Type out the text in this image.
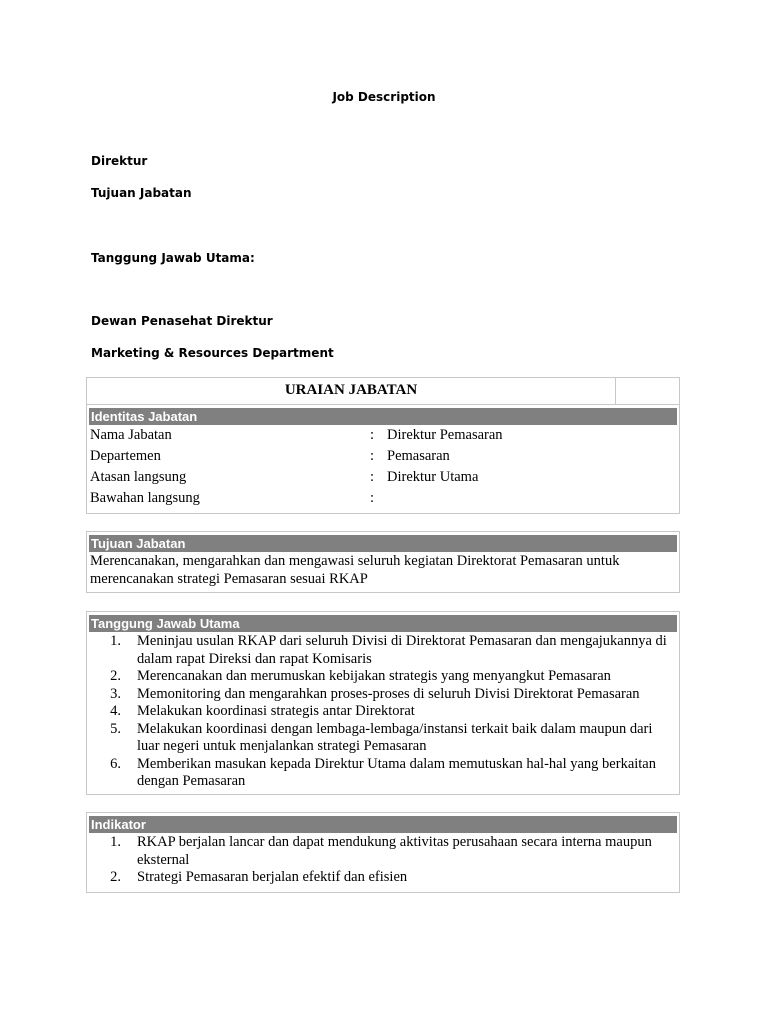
Job Description
Direktur
Tujuan Jabatan
Tanggung Jawab Utama:
Dewan Penasehat Direktur
Marketing & Resources Department
URAIAN JABATAN
Identitas Jabatan
Nama Jabatan	: Direktur Pemasaran
Departemen	: Pemasaran
Atasan langsung	: Direktur Utama
Bawahan langsung	:
Tujuan Jabatan
Merencanakan, mengarahkan dan mengawasi seluruh kegiatan Direktorat Pemasaran untuk merencanakan strategi Pemasaran sesuai RKAP
Tanggung Jawab Utama
1.	Meninjau usulan RKAP dari seluruh Divisi di Direktorat Pemasaran dan mengajukannya di dalam rapat Direksi dan rapat Komisaris
2.	Merencanakan dan merumuskan kebijakan strategis yang menyangkut Pemasaran
3.	Memonitoring dan mengarahkan proses-proses di seluruh Divisi Direktorat Pemasaran
4.	Melakukan koordinasi strategis antar Direktorat
5.	Melakukan koordinasi dengan lembaga-lembaga/instansi terkait baik dalam maupun dari luar negeri untuk menjalankan strategi Pemasaran
6.	Memberikan masukan kepada Direktur Utama dalam memutuskan hal-hal yang berkaitan dengan Pemasaran
Indikator
1.	RKAP berjalan lancar dan dapat mendukung aktivitas perusahaan secara interna maupun eksternal
2.	Strategi Pemasaran berjalan efektif dan efisien
